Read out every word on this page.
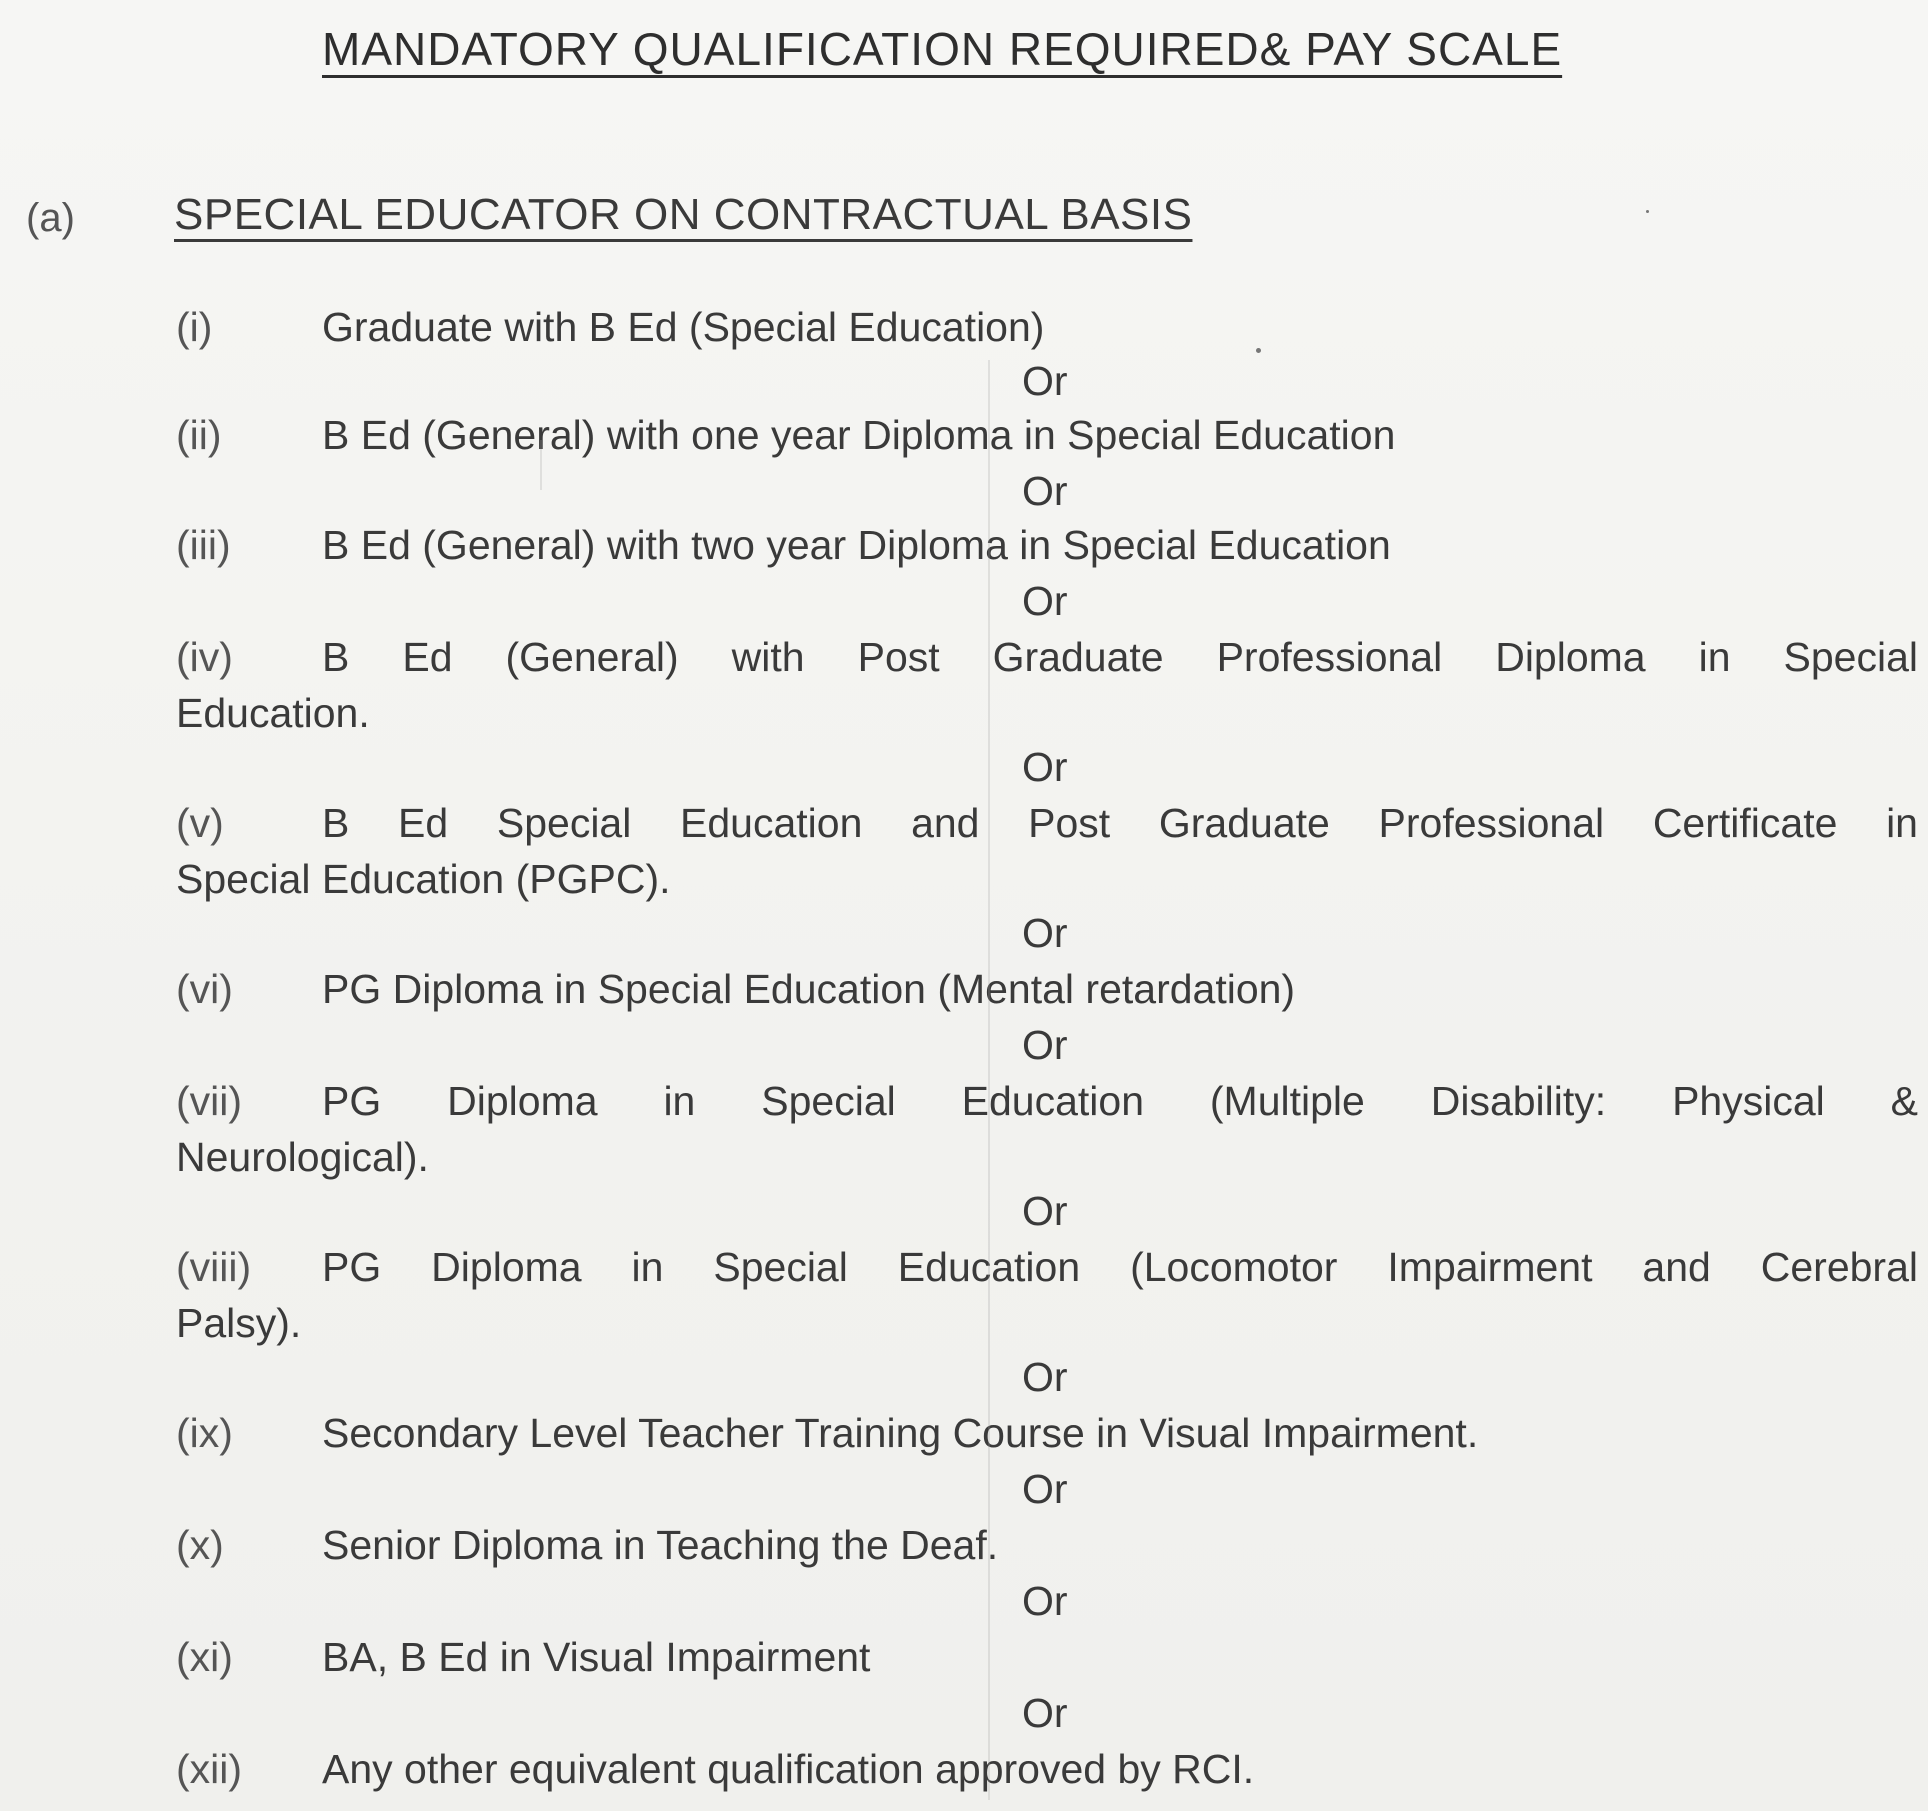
MANDATORY QUALIFICATION REQUIRED& PAY SCALE
(a) SPECIAL EDUCATOR ON CONTRACTUAL BASIS
(i)	Graduate with B Ed (Special Education)
Or
(ii) B Ed (General) with one year Diploma in Special Education
Or
(iii) B Ed (General) with two year Diploma in Special Education
Or
(iv) B Ed (General) with Post Graduate Professional Diploma in Special
Education.
Or
(v) B Ed Special Education and Post Graduate Professional Certificate in
Special Education (PGPC).
Or
(vi) PG Diploma in Special Education (Mental retardation)
Or
(vii) PG Diploma in Special Education (Multiple Disability: Physical &
Neurological).
Or
(viii) PG Diploma in Special Education (Locomotor Impairment and Cerebral
Palsy).
Or
(ix) Secondary Level Teacher Training Course in Visual Impairment.
Or
(x) Senior Diploma in Teaching the Deaf.
Or
(xi) BA, B Ed in Visual Impairment
Or
(xii) Any other equivalent qualification approved by RCI.
